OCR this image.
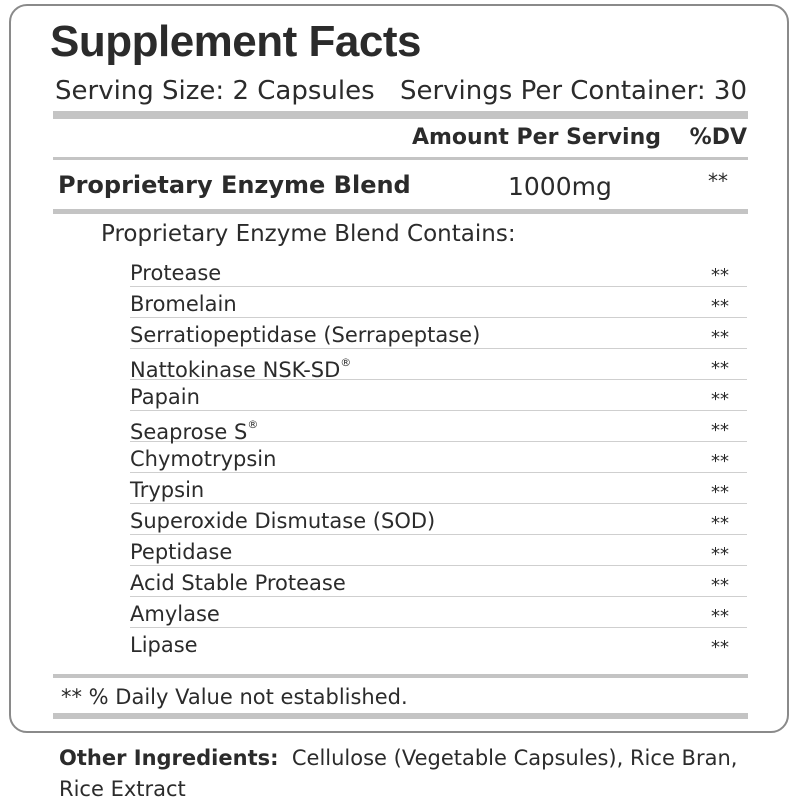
Supplement Facts
Serving Size: 2 Capsules Servings Per Container: 30
Amount Per Serving %DV
Proprietary Enzyme Blend	1000mg	**
Proprietary Enzyme Blend Contains:
Protease	**
Bromelain	**
Serratiopeptidase (Serrapeptase)	**
Nattokinase NSK-SD®	**
Papain	**
Seaprose S®	**
Chymotrypsin	**
Trypsin	**
Superoxide Dismutase (SOD)	**
Peptidase	**
Acid Stable Protease	**
Amylase	**
Lipase	**
** % Daily Value not established.
Other Ingredients: Cellulose (Vegetable Capsules), Rice Bran, Rice Extract
